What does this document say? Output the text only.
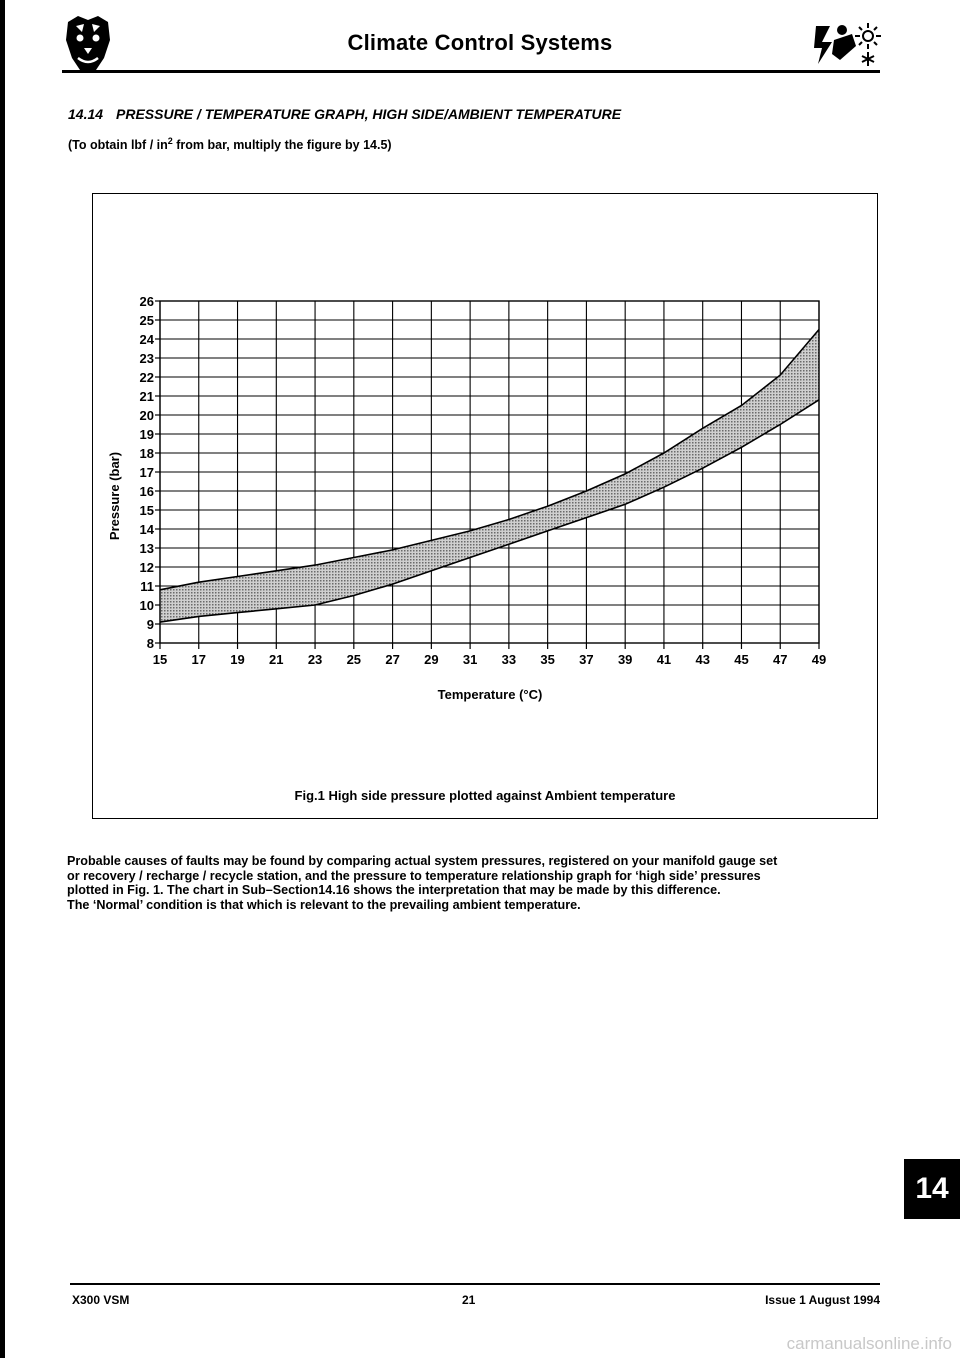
Climate Control Systems
14.14 PRESSURE / TEMPERATURE GRAPH, HIGH SIDE/AMBIENT TEMPERATURE
(To obtain lbf / $in^2$ from bar, multiply the figure by 14.5)
8
9
10
11
12
13
14
15
16
17
18
19
20
21
22
23
24
25
26
15 17 19 21 23 25 27 29 31 33 35 37 39 41 43 45 47 49
Temperature (°C)
Pressure (bar)
Fig.1 High side pressure plotted against Ambient temperature

Probable causes of faults may be found by comparing actual system pressures, registered on your manifold gauge set

or recovery / recharge / recycle station, and the pressure to temperature relationship graph for ‘high side’ pressures

plotted in Fig. 1. The chart in Sub–Section14.16 shows the interpretation that may be made by this difference.

The ‘Normal’ condition is that which is relevant to the prevailing ambient temperature.

14
X300 VSM	21	Issue 1 August 1994
carmanualsonline.info
